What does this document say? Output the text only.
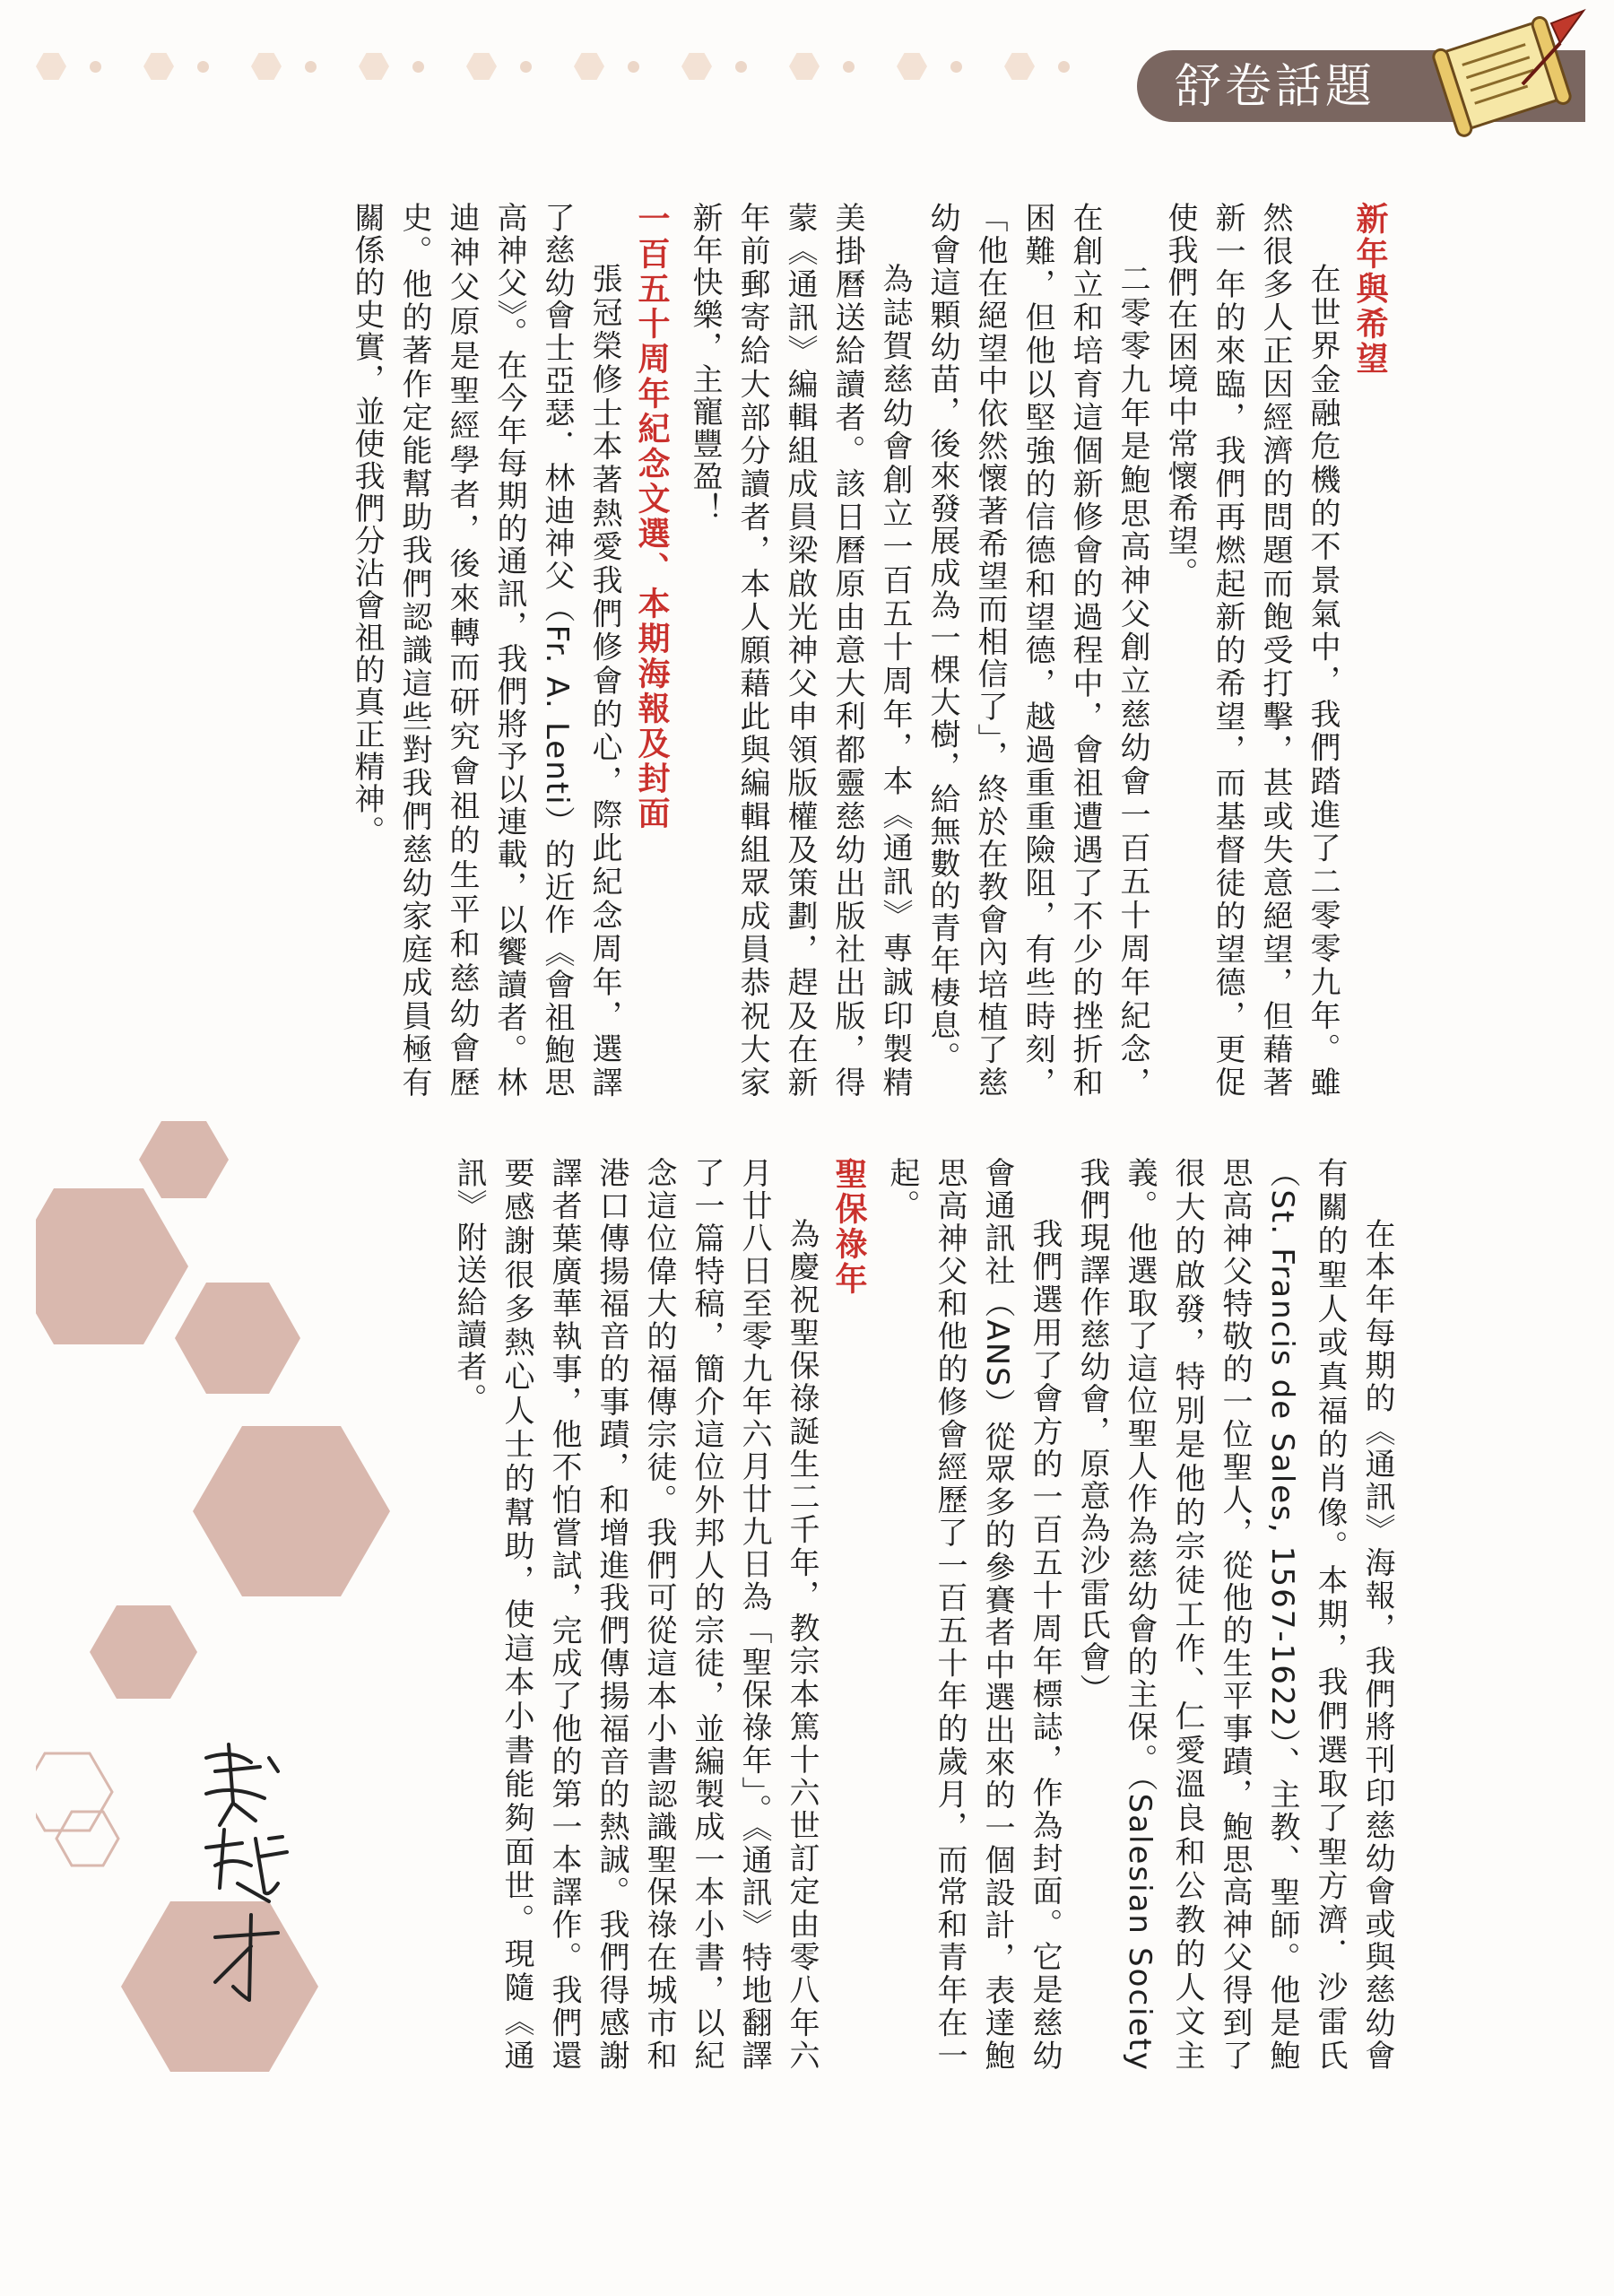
舒卷話題

新年與希望

在世界金融危機的不景氣中，我們踏進了二零零九年。雖然很多人正因經濟的問題而飽受打擊，甚或失意絕望，但藉著新一年的來臨，我們再燃起新的希望，而基督徒的望德，更促使我們在困境中常懷希望。

二零零九年是鮑思高神父創立慈幼會一百五十周年紀念，在創立和培育這個新修會的過程中，會祖遭遇了不少的挫折和困難，但他以堅強的信德和望德，越過重重險阻，有些時刻，「他在絕望中依然懷著希望而相信了」，終於在教會內培植了慈幼會這顆幼苗，後來發展成為一棵大樹，給無數的青年棲息。

為誌賀慈幼會創立一百五十周年，本《通訊》專誠印製精美掛曆送給讀者。該日曆原由意大利都靈慈幼出版社出版，得蒙《通訊》編輯組成員梁啟光神父申領版權及策劃，趕及在新年前郵寄給大部分讀者，本人願藉此與編輯組眾成員恭祝大家新年快樂，主寵豐盈！

一百五十周年紀念文選、本期海報及封面

張冠榮修士本著熱愛我們修會的心，際此紀念周年，選譯了慈幼會士亞瑟．林迪神父（Fr. A. Lenti）的近作《會祖鮑思高神父》。在今年每期的通訊，我們將予以連載，以饗讀者。林迪神父原是聖經學者，後來轉而研究會祖的生平和慈幼會歷史。他的著作定能幫助我們認識這些對我們慈幼家庭成員極有關係的史實，並使我們分沾會祖的真正精神。

在本年每期的《通訊》海報，我們將刊印慈幼會或與慈幼會有關的聖人或真福的肖像。本期，我們選取了聖方濟．沙雷氏（St. Francis de Sales, 1567-1622）、主教、聖師。他是鮑思高神父特敬的一位聖人，從他的生平事蹟，鮑思高神父得到了很大的啟發，特別是他的宗徒工作、仁愛溫良和公教的人文主義。他選取了這位聖人作為慈幼會的主保。（Salesian Society 我們現譯作慈幼會，原意為沙雷氏會）

我們選用了會方的一百五十周年標誌，作為封面。它是慈幼會通訊社（ANS）從眾多的參賽者中選出來的一個設計，表達鮑思高神父和他的修會經歷了一百五十年的歲月，而常和青年在一起。

聖保祿年

為慶祝聖保祿誕生二千年，教宗本篤十六世訂定由零八年六月廿八日至零九年六月廿九日為「聖保祿年」。《通訊》特地翻譯了一篇特稿，簡介這位外邦人的宗徒，並編製成一本小書，以紀念這位偉大的福傳宗徒。我們可從這本小書認識聖保祿在城市和港口傳揚福音的事蹟，和增進我們傳揚福音的熱誠。我們得感謝譯者葉廣華執事，他不怕嘗試，完成了他的第一本譯作。我們還要感謝很多熱心人士的幫助，使這本小書能夠面世。現隨《通訊》附送給讀者。
